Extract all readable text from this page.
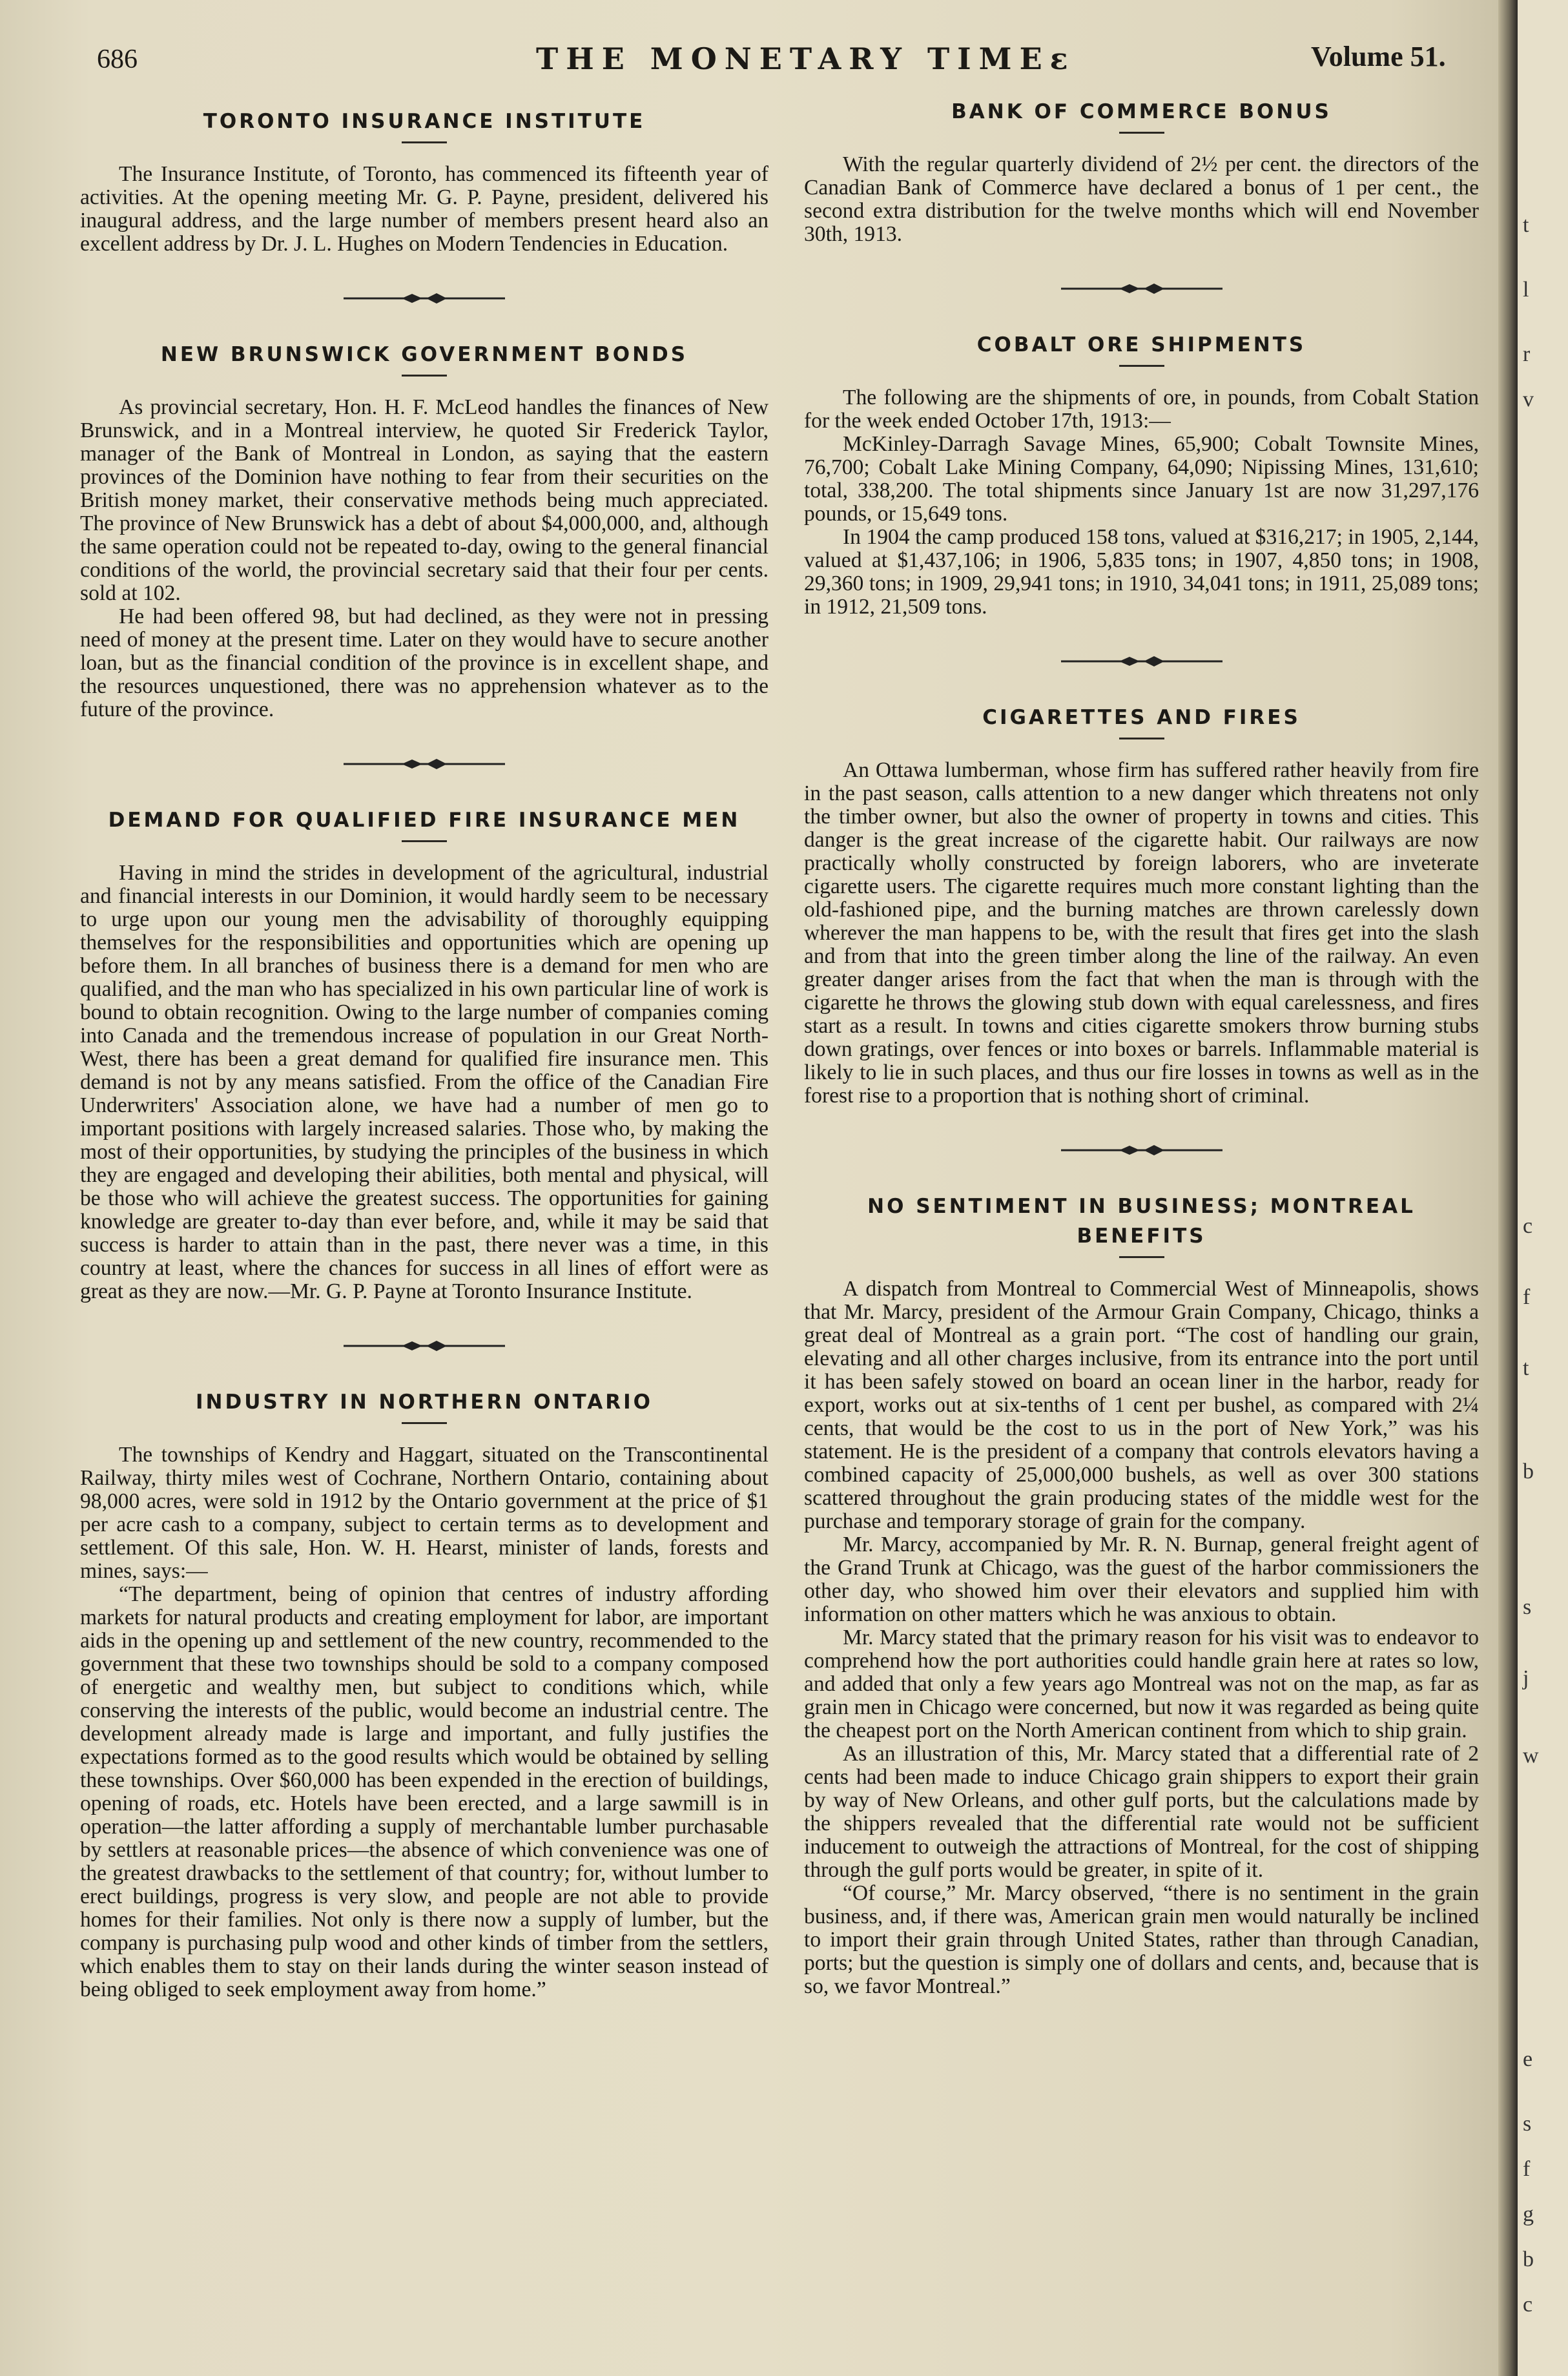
t
l
r
v
c
f
t
b
s
j
w
e
s
f
g
b
c
686	THE MONETARY TIMEɛ	Volume 51.
TORONTO INSURANCE INSTITUTE

The Insurance Institute, of Toronto, has commenced its fifteenth year of activities. At the opening meeting Mr. G. P. Payne, president, delivered his inaugural address, and the large number of members present heard also an excellent address by Dr. J. L. Hughes on Modern Tendencies in Education.

NEW BRUNSWICK GOVERNMENT BONDS

As provincial secretary, Hon. H. F. McLeod handles the finances of New Brunswick, and in a Montreal interview, he quoted Sir Frederick Taylor, manager of the Bank of Montreal in London, as saying that the eastern provinces of the Dominion have nothing to fear from their securities on the British money market, their conservative methods being much appreciated. The province of New Brunswick has a debt of about $4,000,000, and, although the same operation could not be repeated to-day, owing to the general financial conditions of the world, the provincial secretary said that their four per cents. sold at 102.

He had been offered 98, but had declined, as they were not in pressing need of money at the present time. Later on they would have to secure another loan, but as the financial condition of the province is in excellent shape, and the resources unquestioned, there was no apprehension whatever as to the future of the province.

DEMAND FOR QUALIFIED FIRE INSURANCE MEN

Having in mind the strides in development of the agricultural, industrial and financial interests in our Dominion, it would hardly seem to be necessary to urge upon our young men the advisability of thoroughly equipping themselves for the responsibilities and opportunities which are opening up before them. In all branches of business there is a demand for men who are qualified, and the man who has specialized in his own particular line of work is bound to obtain recognition. Owing to the large number of companies coming into Canada and the tremendous increase of population in our Great North-West, there has been a great demand for qualified fire insurance men. This demand is not by any means satisfied. From the office of the Canadian Fire Underwriters' Association alone, we have had a number of men go to important positions with largely increased salaries. Those who, by making the most of their opportunities, by studying the principles of the business in which they are engaged and developing their abilities, both mental and physical, will be those who will achieve the greatest success. The opportunities for gaining knowledge are greater to-day than ever before, and, while it may be said that success is harder to attain than in the past, there never was a time, in this country at least, where the chances for success in all lines of effort were as great as they are now.—Mr. G. P. Payne at Toronto Insurance Institute.

INDUSTRY IN NORTHERN ONTARIO

The townships of Kendry and Haggart, situated on the Transcontinental Railway, thirty miles west of Cochrane, Northern Ontario, containing about 98,000 acres, were sold in 1912 by the Ontario government at the price of $1 per acre cash to a company, subject to certain terms as to development and settlement. Of this sale, Hon. W. H. Hearst, minister of lands, forests and mines, says:—

“The department, being of opinion that centres of industry affording markets for natural products and creating employment for labor, are important aids in the opening up and settlement of the new country, recommended to the government that these two townships should be sold to a company composed of energetic and wealthy men, but subject to conditions which, while conserving the interests of the public, would become an industrial centre. The development already made is large and important, and fully justifies the expectations formed as to the good results which would be obtained by selling these townships. Over $60,000 has been expended in the erection of buildings, opening of roads, etc. Hotels have been erected, and a large sawmill is in operation—the latter affording a supply of merchantable lumber purchasable by settlers at reasonable prices—the absence of which convenience was one of the greatest drawbacks to the settlement of that country; for, without lumber to erect buildings, progress is very slow, and people are not able to provide homes for their families. Not only is there now a supply of lumber, but the company is purchasing pulp wood and other kinds of timber from the settlers, which enables them to stay on their lands during the winter season instead of being obliged to seek employment away from home.”

BANK OF COMMERCE BONUS

With the regular quarterly dividend of 2½ per cent. the directors of the Canadian Bank of Commerce have declared a bonus of 1 per cent., the second extra distribution for the twelve months which will end November 30th, 1913.

COBALT ORE SHIPMENTS

The following are the shipments of ore, in pounds, from Cobalt Station for the week ended October 17th, 1913:—

McKinley-Darragh Savage Mines, 65,900; Cobalt Townsite Mines, 76,700; Cobalt Lake Mining Company, 64,090; Nipissing Mines, 131,610; total, 338,200. The total shipments since January 1st are now 31,297,176 pounds, or 15,649 tons.

In 1904 the camp produced 158 tons, valued at $316,217; in 1905, 2,144, valued at $1,437,106; in 1906, 5,835 tons; in 1907, 4,850 tons; in 1908, 29,360 tons; in 1909, 29,941 tons; in 1910, 34,041 tons; in 1911, 25,089 tons; in 1912, 21,509 tons.

CIGARETTES AND FIRES

An Ottawa lumberman, whose firm has suffered rather heavily from fire in the past season, calls attention to a new danger which threatens not only the timber owner, but also the owner of property in towns and cities. This danger is the great increase of the cigarette habit. Our railways are now practically wholly constructed by foreign laborers, who are inveterate cigarette users. The cigarette requires much more constant lighting than the old-fashioned pipe, and the burning matches are thrown carelessly down wherever the man happens to be, with the result that fires get into the slash and from that into the green timber along the line of the railway. An even greater danger arises from the fact that when the man is through with the cigarette he throws the glowing stub down with equal carelessness, and fires start as a result. In towns and cities cigarette smokers throw burning stubs down gratings, over fences or into boxes or barrels. Inflammable material is likely to lie in such places, and thus our fire losses in towns as well as in the forest rise to a proportion that is nothing short of criminal.

NO SENTIMENT IN BUSINESS; MONTREAL BENEFITS

A dispatch from Montreal to Commercial West of Minneapolis, shows that Mr. Marcy, president of the Armour Grain Company, Chicago, thinks a great deal of Montreal as a grain port. “The cost of handling our grain, elevating and all other charges inclusive, from its entrance into the port until it has been safely stowed on board an ocean liner in the harbor, ready for export, works out at six-tenths of 1 cent per bushel, as compared with 2¼ cents, that would be the cost to us in the port of New York,” was his statement. He is the president of a company that controls elevators having a combined capacity of 25,000,000 bushels, as well as over 300 stations scattered throughout the grain producing states of the middle west for the purchase and temporary storage of grain for the company.

Mr. Marcy, accompanied by Mr. R. N. Burnap, general freight agent of the Grand Trunk at Chicago, was the guest of the harbor commissioners the other day, who showed him over their elevators and supplied him with information on other matters which he was anxious to obtain.

Mr. Marcy stated that the primary reason for his visit was to endeavor to comprehend how the port authorities could handle grain here at rates so low, and added that only a few years ago Montreal was not on the map, as far as grain men in Chicago were concerned, but now it was regarded as being quite the cheapest port on the North American continent from which to ship grain.

As an illustration of this, Mr. Marcy stated that a differential rate of 2 cents had been made to induce Chicago grain shippers to export their grain by way of New Orleans, and other gulf ports, but the calculations made by the shippers revealed that the differential rate would not be sufficient inducement to outweigh the attractions of Montreal, for the cost of shipping through the gulf ports would be greater, in spite of it.

“Of course,” Mr. Marcy observed, “there is no sentiment in the grain business, and, if there was, American grain men would naturally be inclined to import their grain through United States, rather than through Canadian, ports; but the question is simply one of dollars and cents, and, because that is so, we favor Montreal.”
